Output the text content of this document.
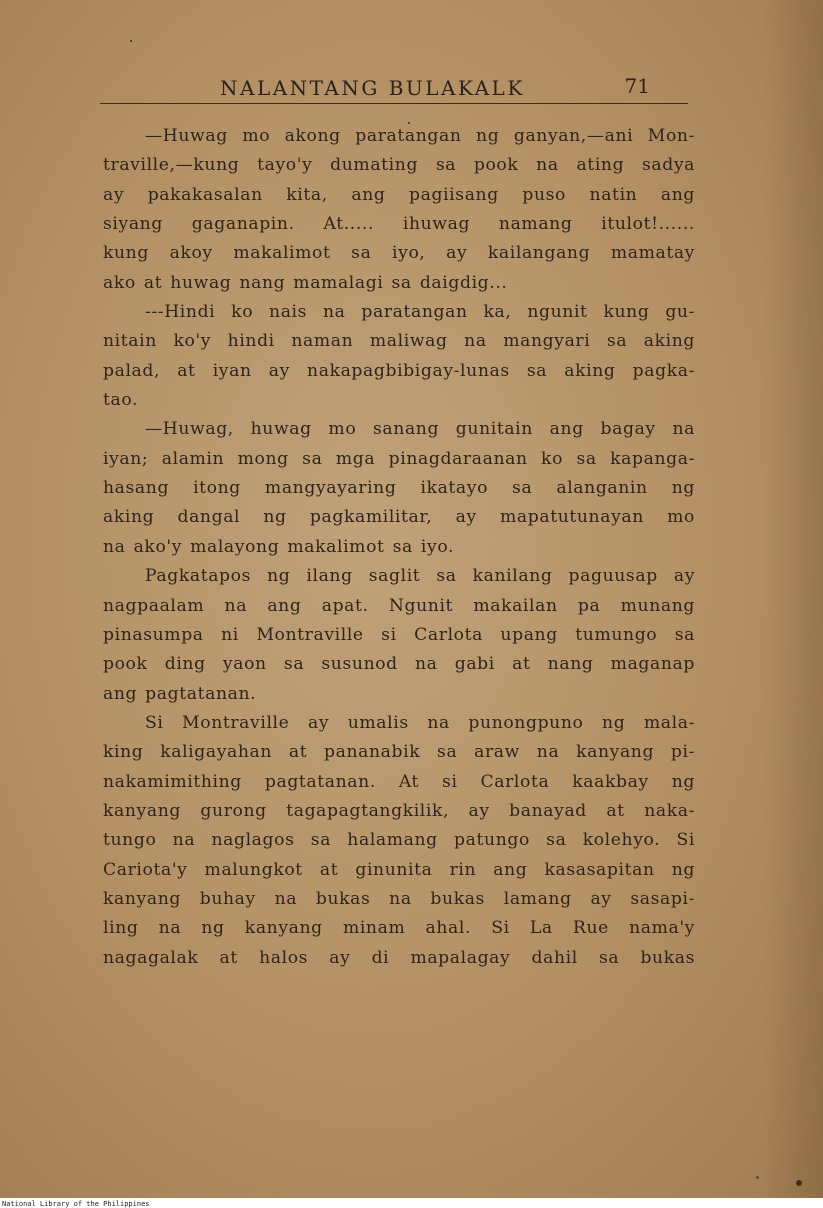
NALANTANG BULAKALK	71
—Huwag mo akong paratangan ng ganyan,—ani Mon-
traville,—kung tayo'y dumating sa pook na ating sadya
ay pakakasalan kita, ang pagiisang puso natin ang
siyang gaganapin. At..... ihuwag namang itulot!......
kung akoy makalimot sa iyo, ay kailangang mamatay
ako at huwag nang mamalagi sa daigdig...
---Hindi ko nais na paratangan ka, ngunit kung gu-
nitain ko'y hindi naman maliwag na mangyari sa aking
palad, at iyan ay nakapagbibigay-lunas sa aking pagka-
tao.
—Huwag, huwag mo sanang gunitain ang bagay na
iyan; alamin mong sa mga pinagdaraanan ko sa kapanga-
hasang itong mangyayaring ikatayo sa alanganin ng
aking dangal ng pagkamilitar, ay mapatutunayan mo
na ako'y malayong makalimot sa iyo.
Pagkatapos ng ilang saglit sa kanilang paguusap ay
nagpaalam na ang apat. Ngunit makailan pa munang
pinasumpa ni Montraville si Carlota upang tumungo sa
pook ding yaon sa susunod na gabi at nang maganap
ang pagtatanan.
Si Montraville ay umalis na punongpuno ng mala-
king kaligayahan at pananabik sa araw na kanyang pi-
nakamimithing pagtatanan. At si Carlota kaakbay ng
kanyang gurong tagapagtangkilik, ay banayad at naka-
tungo na naglagos sa halamang patungo sa kolehyo. Si
Cariota'y malungkot at ginunita rin ang kasasapitan ng
kanyang buhay na bukas na bukas lamang ay sasapi-
ling na ng kanyang minam ahal. Si La Rue nama'y
nagagalak at halos ay di mapalagay dahil sa bukas
National Library of the Philippines
